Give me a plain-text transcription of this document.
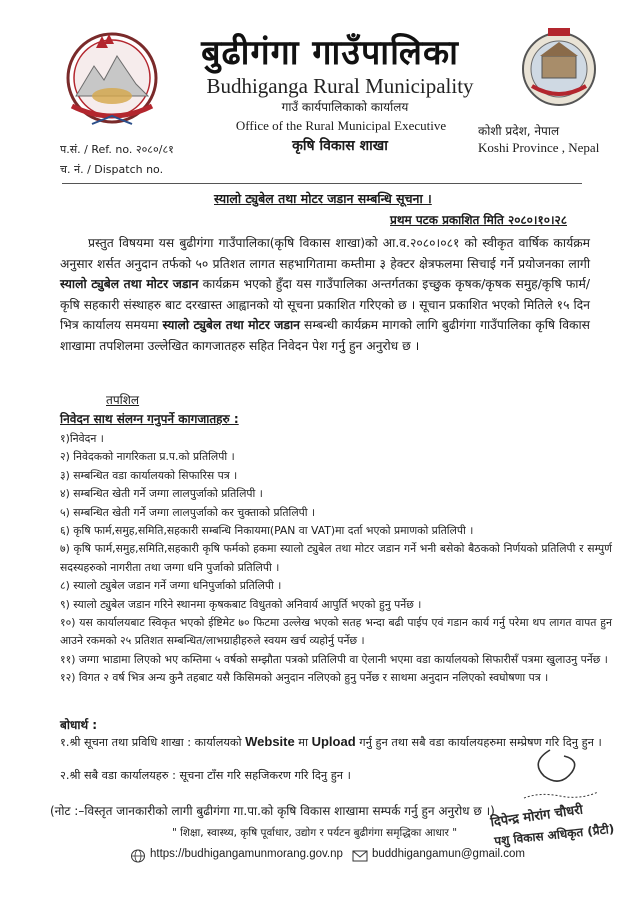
बुढीगंगा गाउँपालिका
Budhiganga Rural Municipality
गाउँ कार्यपालिकाको कार्यालय
Office of the Rural Municipal Executive
कृषि विकास शाखा
कोशी प्रदेश, नेपाल
Koshi Province , Nepal
प.सं. / Ref. no. २०८०/८१
च. नं. / Dispatch no.
स्यालो ट्युबेल तथा मोटर जडान सम्बन्धि सूचना ।
प्रथम पटक प्रकाशित मिति २०८०।१०।२८
प्रस्तुत विषयमा यस बुढीगंगा गाउँपालिका(कृषि विकास शाखा)को आ.व.२०८०।०८१ को स्वीकृत वार्षिक कार्यक्रम अनुसार शर्सत अनुदान तर्फको ५० प्रतिशत लागत सहभागितामा कम्तीमा ३ हेक्टर क्षेत्रफलमा सिचाई गर्ने प्रयोजनका लागी स्यालो ट्युबेल तथा मोटर जडान कार्यक्रम भएको हुँदा यस गाउँपालिका अन्तर्गतका इच्छुक कृषक/कृषक समुह/कृषि फार्म/कृषि सहकारी संस्थाहरु बाट दरखास्त आह्वानको यो सूचना प्रकाशित गरिएको छ । सूचान प्रकाशित भएको मितिले १५ दिन भित्र कार्यालय समयमा स्यालो ट्युबेल तथा मोटर जडान सम्बन्धी कार्यक्रम मागको लागि बुढीगंगा गाउँपालिका कृषि विकास शाखामा तपशिलमा उल्लेखित कागजातहरु सहित निवेदन पेश गर्नु हुन अनुरोध छ ।
तपशिल
निवेदन साथ संलग्न गनुपर्ने कागजातहरु :
१)निवेदन ।
२) निवेदकको नागरिकता प्र.प.को प्रतिलिपी ।
३) सम्बन्धित वडा कार्यालयको सिफारिस पत्र ।
४) सम्बन्धित खेती गर्ने जग्गा लालपुर्जाको प्रतिलिपी ।
५) सम्बन्धित खेती गर्ने जग्गा लालपुर्जाको कर चुक्ताको प्रतिलिपी ।
६) कृषि फार्म,समुह,समिति,सहकारी सम्बन्धि निकायमा(PAN वा VAT)मा दर्ता भएको प्रमाणको प्रतिलिपी ।
७) कृषि फार्म,समुह,समिति,सहकारी कृषि फर्मको हकमा स्यालो ट्युबेल तथा मोटर जडान गर्ने भनी बसेको बैठकको निर्णयको प्रतिलिपी र सम्पुर्ण सदस्यहरुको नागरीता तथा जग्गा धनि पुर्जाको प्रतिलिपी ।
८) स्यालो ट्युबेल जडान गर्ने जग्गा धनिपुर्जाको प्रतिलिपी ।
९) स्यालो ट्युबेल जडान गरिने स्थानमा कृषकबाट विधुतको अनिवार्य आपुर्ति भएको हुनु पर्नेछ ।
१०) यस कार्यालयबाट स्विकृत भएको ईष्टिमेट ७० फिटमा उल्लेख भएको सतह भन्दा बढी पाईप एवं गडान कार्य गर्नु परेमा थप लागत वापत हुन आउने रकमको २५ प्रतिशत सम्बन्धित/लाभग्राहीहरुले स्वयम खर्च व्यहोर्नु पर्नेछ ।
११) जग्गा भाडामा लिएको भए कम्तिमा ५ वर्षको सम्झौता पत्रको प्रतिलिपी वा ऐलानी भएमा वडा कार्यालयको सिफारीसँ पत्रमा खुलाउनु पर्नेछ ।
१२) विगत २ वर्ष भित्र अन्य कुनै तहबाट यसै किसिमको अनुदान नलिएको हुनु पर्नेछ र साथमा अनुदान नलिएको स्वघोषणा पत्र ।
बोधार्थ :
१.श्री सूचना तथा प्रविधि शाखा : कार्यालयको Website मा Upload गर्नु हुन तथा सबै वडा कार्यालयहरुमा सम्प्रेषण गरि दिनु हुन ।
२.श्री सबै वडा कार्यालयहरु : सूचना टाँस गरि सहजिकरण गरि दिनु हुन ।
दिपेन्द्र मोरांग चौधरी
पशु विकास अधिकृत (प्रैटी)
(नोट :–विस्तृत जानकारीको लागी बुढीगंगा गा.पा.को कृषि विकास शाखामा सम्पर्क गर्नु हुन अनुरोध छ ।)
" शिक्षा, स्वास्थ्य, कृषि पूर्वाधार, उद्योग र पर्यटन बुढीगंगा समृद्धिका आधार "
https://budhigangamunmorang.gov.np	buddhigangamun@gmail.com
